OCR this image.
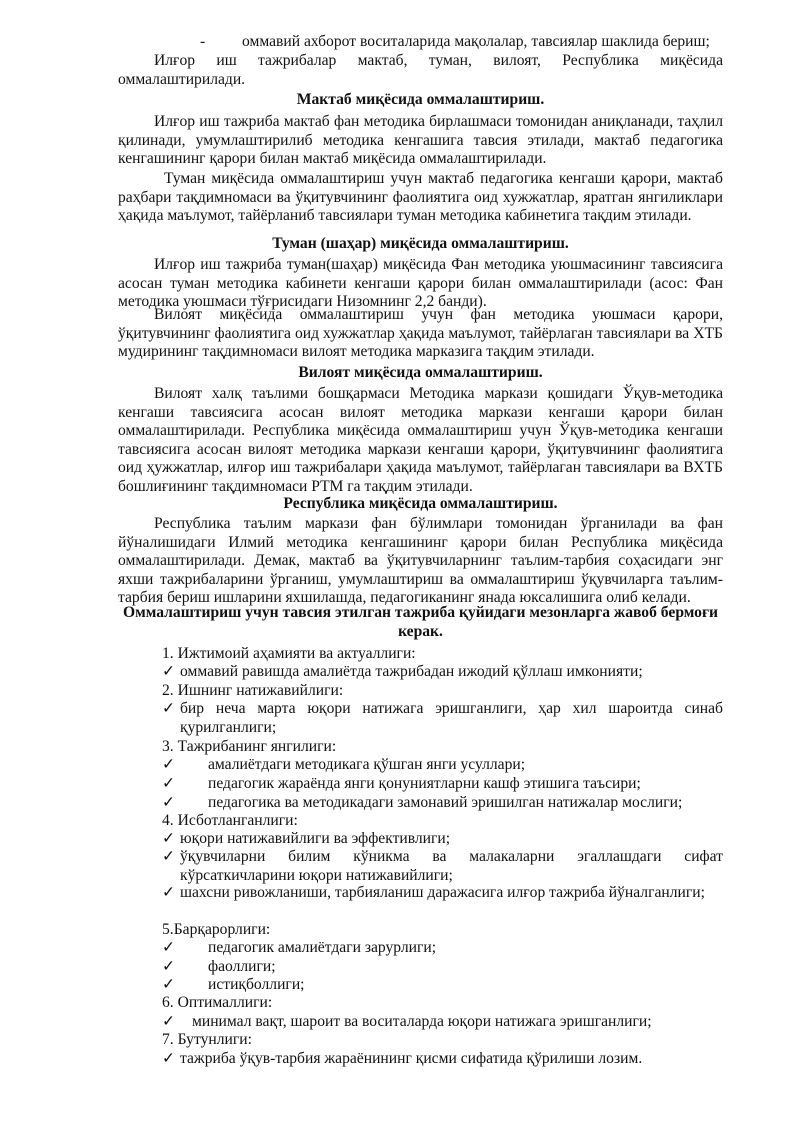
- оммавий ахборот воситаларида мақолалар, тавсиялар шаклида бериш;

Илғор иш тажрибалар мактаб, туман, вилоят, Республика миқёсида оммалаштирилади.

Мактаб миқёсида оммалаштириш.

Илғор иш тажриба мактаб фан методика бирлашмаси томонидан аниқланади, таҳлил қилинади, умумлаштирилиб методика кенгашига тавсия этилади, мактаб педагогика кенгашининг қарори билан мактаб миқёсида оммалаштирилади.

Туман миқёсида оммалаштириш учун мактаб педагогика кенгаши қарори, мактаб раҳбари тақдимномаси ва ўқитувчининг фаолиятига оид хужжатлар, яратган янгиликлари ҳақида маълумот, тайёрланиб тавсиялари туман методика кабинетига тақдим этилади.

Туман (шаҳар) миқёсида оммалаштириш.

Илғор иш тажриба туман(шаҳар) миқёсида Фан методика уюшмасининг тавсиясига асосан туман методика кабинети кенгаши қарори билан оммалаштирилади (асос: Фан методика уюшмаси тўғрисидаги Низомнинг 2,2 банди).

Вилоят миқёсида оммалаштириш учун фан методика уюшмаси қарори, ўқитувчининг фаолиятига оид хужжатлар ҳақида маълумот, тайёрлаган тавсиялари ва ХТБ мудирининг тақдимномаси вилоят методика марказига тақдим этилади.

Вилоят миқёсида оммалаштириш.

Вилоят халқ таълими бошқармаси Методика маркази қошидаги Ўқув-методика кенгаши тавсиясига асосан вилоят методика маркази кенгаши қарори билан оммалаштирилади. Республика миқёсида оммалаштириш учун Ўқув-методика кенгаши тавсиясига асосан вилоят методика маркази кенгаши қарори, ўқитувчининг фаолиятига оид ҳужжатлар, илғор иш тажрибалари ҳақида маълумот, тайёрлаган тавсиялари ва ВХТБ бошлиғининг тақдимномаси РТМ га тақдим этилади.

Республика миқёсида оммалаштириш.

Республика таълим маркази фан бўлимлари томонидан ўрганилади ва фан йўналишидаги Илмий методика кенгашининг қарори билан Республика миқёсида оммалаштирилади. Демак, мактаб ва ўқитувчиларнинг таълим-тарбия соҳасидаги энг яхши тажрибаларини ўрганиш, умумлаштириш ва оммалаштириш ўқувчиларга таълим-тарбия бериш ишларини яхшилашда, педагогиканинг янада юксалишига олиб келади.

Оммалаштириш учун тавсия этилган тажриба қуйидаги мезонларга жавоб бермоғи керак.

1. Ижтимоий аҳамияти ва актуаллиги:
✓ оммавий равишда амалиётда тажрибадан ижодий қўллаш имконияти;
2. Ишнинг натижавийлиги:
✓ бир неча марта юқори натижага эришганлиги, ҳар хил шароитда синаб қурилганлиги;
3. Тажрибанинг янгилиги:
✓	амалиётдаги методикага қўшган янги усуллари;
✓	педагогик жараёнда янги қонуниятларни кашф этишига таъсири;
✓	педагогика ва методикадаги замонавий эришилган натижалар мослиги;
4. Исботланганлиги:
✓ юқори натижавийлиги ва эффективлиги;
✓ ўқувчиларни билим кўникма ва малакаларни эгаллашдаги сифат кўрсаткичларини юқори натижавийлиги;
✓ шахсни ривожланиши, тарбияланиш даражасига илғор тажриба йўналганлиги;
5.Барқарорлиги:
✓	педагогик амалиётдаги зарурлиги;
✓	фаоллиги;
✓	истиқболлиги;
6. Оптималлиги:
✓	минимал вақт, шароит ва воситаларда юқори натижага эришганлиги;
7. Бутунлиги:
✓ тажриба ўқув-тарбия жараёнининг қисми сифатида қўрилиши лозим.
